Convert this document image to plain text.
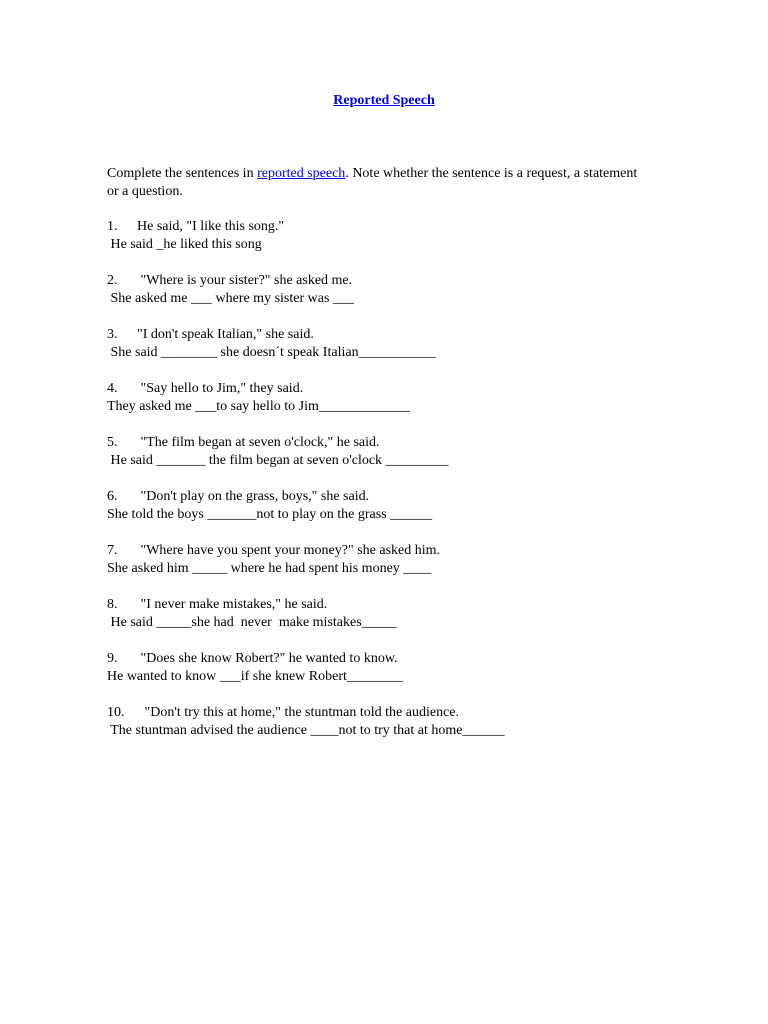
Reported Speech
Complete the sentences in reported speech. Note whether the sentence is a request, a statement or a question.
1. He said, "I like this song."
He said _he liked this song
2. "Where is your sister?" she asked me.
She asked me ___ where my sister was ___
3. "I don't speak Italian," she said.
She said ________ she doesn´t speak Italian___________
4. "Say hello to Jim," they said.
They asked me ___to say hello to Jim_____________
5. "The film began at seven o'clock," he said.
He said _______ the film began at seven o'clock _________
6. "Don't play on the grass, boys," she said.
She told the boys _______not to play on the grass ______
7. "Where have you spent your money?" she asked him.
She asked him _____ where he had spent his money ____
8. "I never make mistakes," he said.
He said _____she had  never  make mistakes_____
9. "Does she know Robert?" he wanted to know.
He wanted to know ___if she knew Robert________
10. "Don't try this at home," the stuntman told the audience.
The stuntman advised the audience ____not to try that at home______
